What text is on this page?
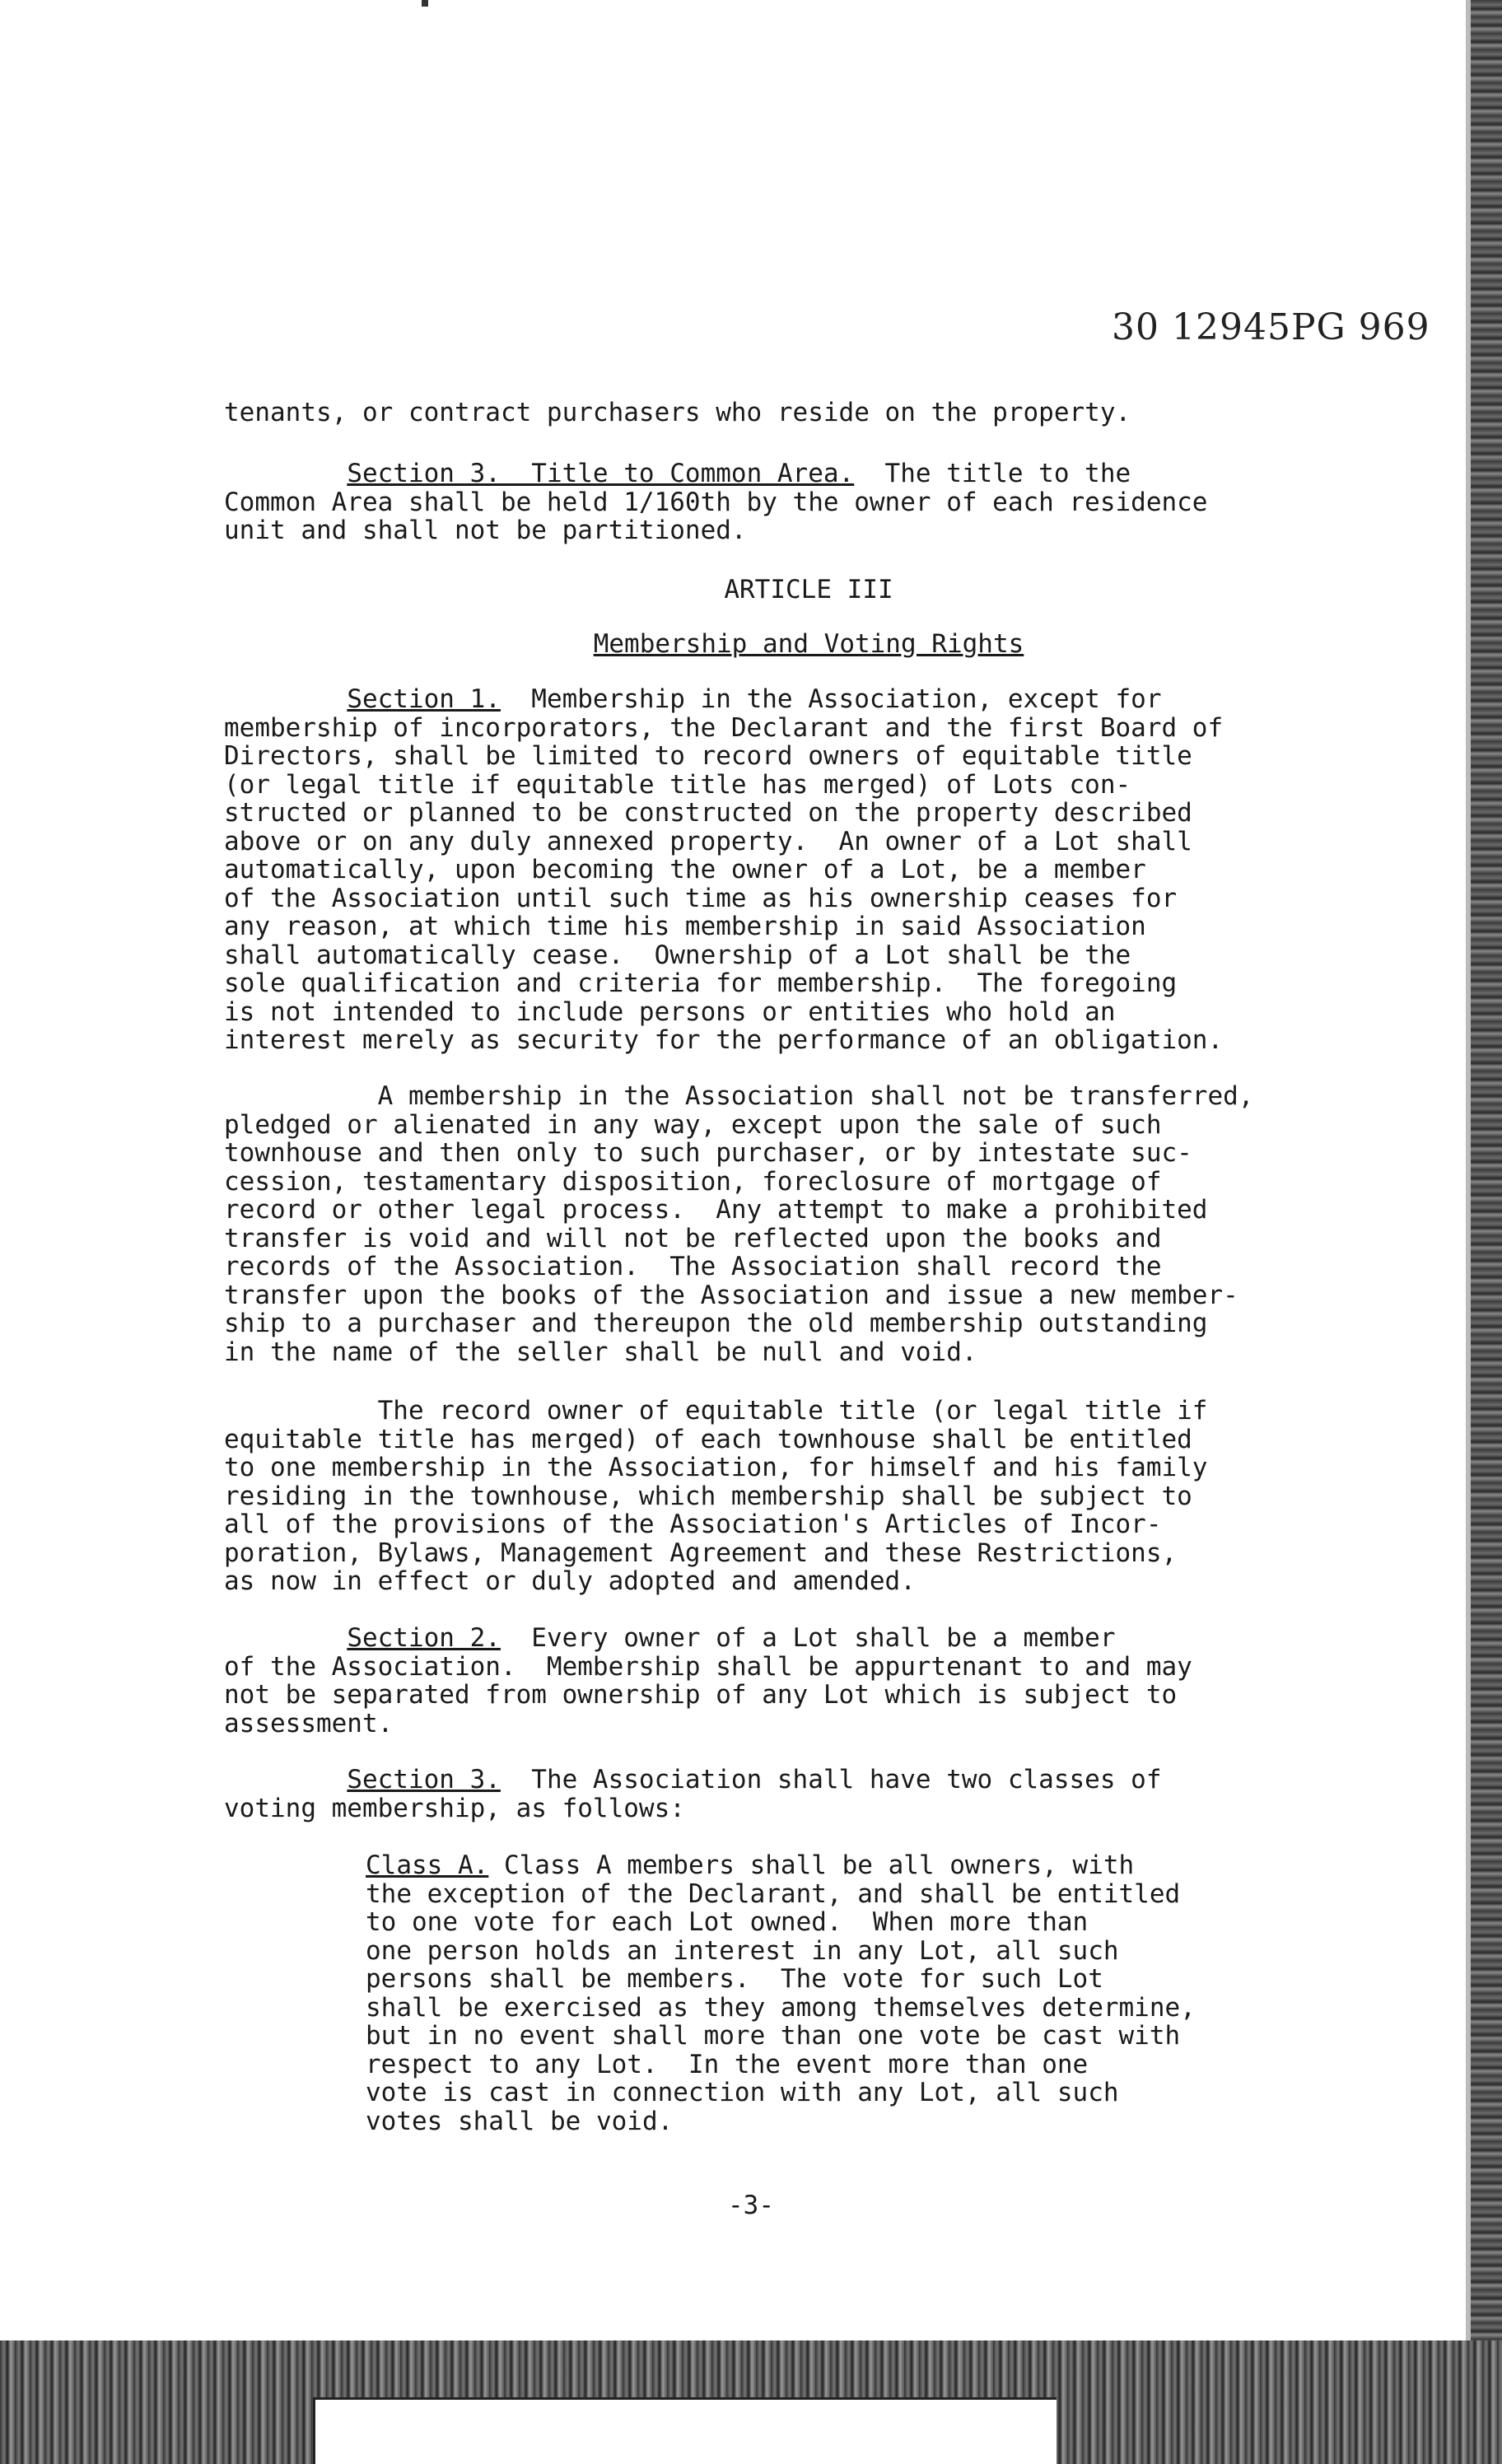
30 12945PG 969

tenants, or contract purchasers who reside on the property.

Section 3.  Title to Common Area.  The title to the
Common Area shall be held 1/160th by the owner of each residence
unit and shall not be partitioned.
ARTICLE III
Membership and Voting Rights
Section 1.  Membership in the Association, except for
membership of incorporators, the Declarant and the first Board of
Directors, shall be limited to record owners of equitable title
(or legal title if equitable title has merged) of Lots con-
structed or planned to be constructed on the property described
above or on any duly annexed property.  An owner of a Lot shall
automatically, upon becoming the owner of a Lot, be a member
of the Association until such time as his ownership ceases for
any reason, at which time his membership in said Association
shall automatically cease.  Ownership of a Lot shall be the
sole qualification and criteria for membership.  The foregoing
is not intended to include persons or entities who hold an
interest merely as security for the performance of an obligation.

A membership in the Association shall not be transferred,
pledged or alienated in any way, except upon the sale of such
townhouse and then only to such purchaser, or by intestate suc-
cession, testamentary disposition, foreclosure of mortgage of
record or other legal process.  Any attempt to make a prohibited
transfer is void and will not be reflected upon the books and
records of the Association.  The Association shall record the
transfer upon the books of the Association and issue a new member-
ship to a purchaser and thereupon the old membership outstanding
in the name of the seller shall be null and void.

The record owner of equitable title (or legal title if
equitable title has merged) of each townhouse shall be entitled
to one membership in the Association, for himself and his family
residing in the townhouse, which membership shall be subject to
all of the provisions of the Association's Articles of Incor-
poration, Bylaws, Management Agreement and these Restrictions,
as now in effect or duly adopted and amended.

Section 2.  Every owner of a Lot shall be a member
of the Association.  Membership shall be appurtenant to and may
not be separated from ownership of any Lot which is subject to
assessment.
Section 3.  The Association shall have two classes of
voting membership, as follows:
Class A. Class A members shall be all owners, with
the exception of the Declarant, and shall be entitled
to one vote for each Lot owned.  When more than
one person holds an interest in any Lot, all such
persons shall be members.  The vote for such Lot
shall be exercised as they among themselves determine,
but in no event shall more than one vote be cast with
respect to any Lot.  In the event more than one
vote is cast in connection with any Lot, all such
votes shall be void.
-3-
